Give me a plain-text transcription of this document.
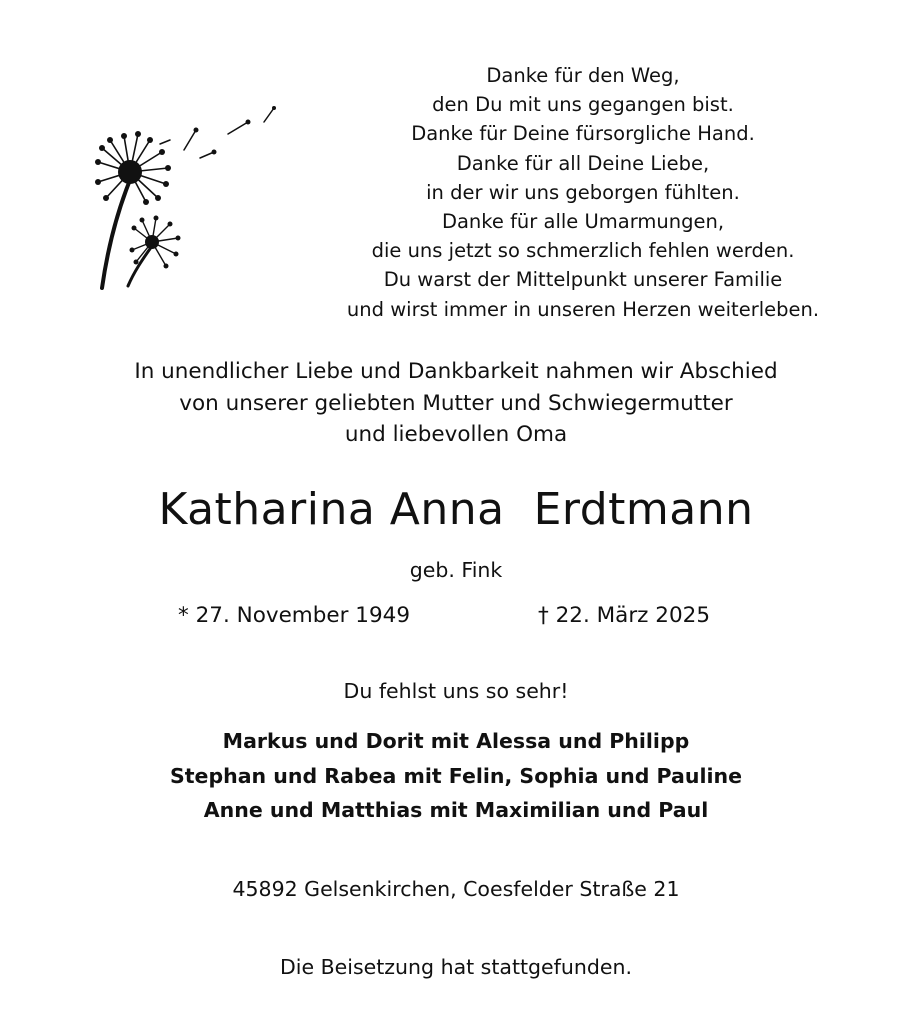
Danke für den Weg,
den Du mit uns gegangen bist.
Danke für Deine fürsorgliche Hand.
Danke für all Deine Liebe,
in der wir uns geborgen fühlten.
Danke für alle Umarmungen,
die uns jetzt so schmerzlich fehlen werden.
Du warst der Mittelpunkt unserer Familie
und wirst immer in unseren Herzen weiterleben.
In unendlicher Liebe und Dankbarkeit nahmen wir Abschied
von unserer geliebten Mutter und Schwiegermutter
und liebevollen Oma
Katharina Anna  Erdtmann
geb. Fink
* 27. November 1949	† 22. März 2025
Du fehlst uns so sehr!
Markus und Dorit mit Alessa und Philipp
Stephan und Rabea mit Felin, Sophia und Pauline
Anne und Matthias mit Maximilian und Paul
45892 Gelsenkirchen, Coesfelder Straße 21
Die Beisetzung hat stattgefunden.
